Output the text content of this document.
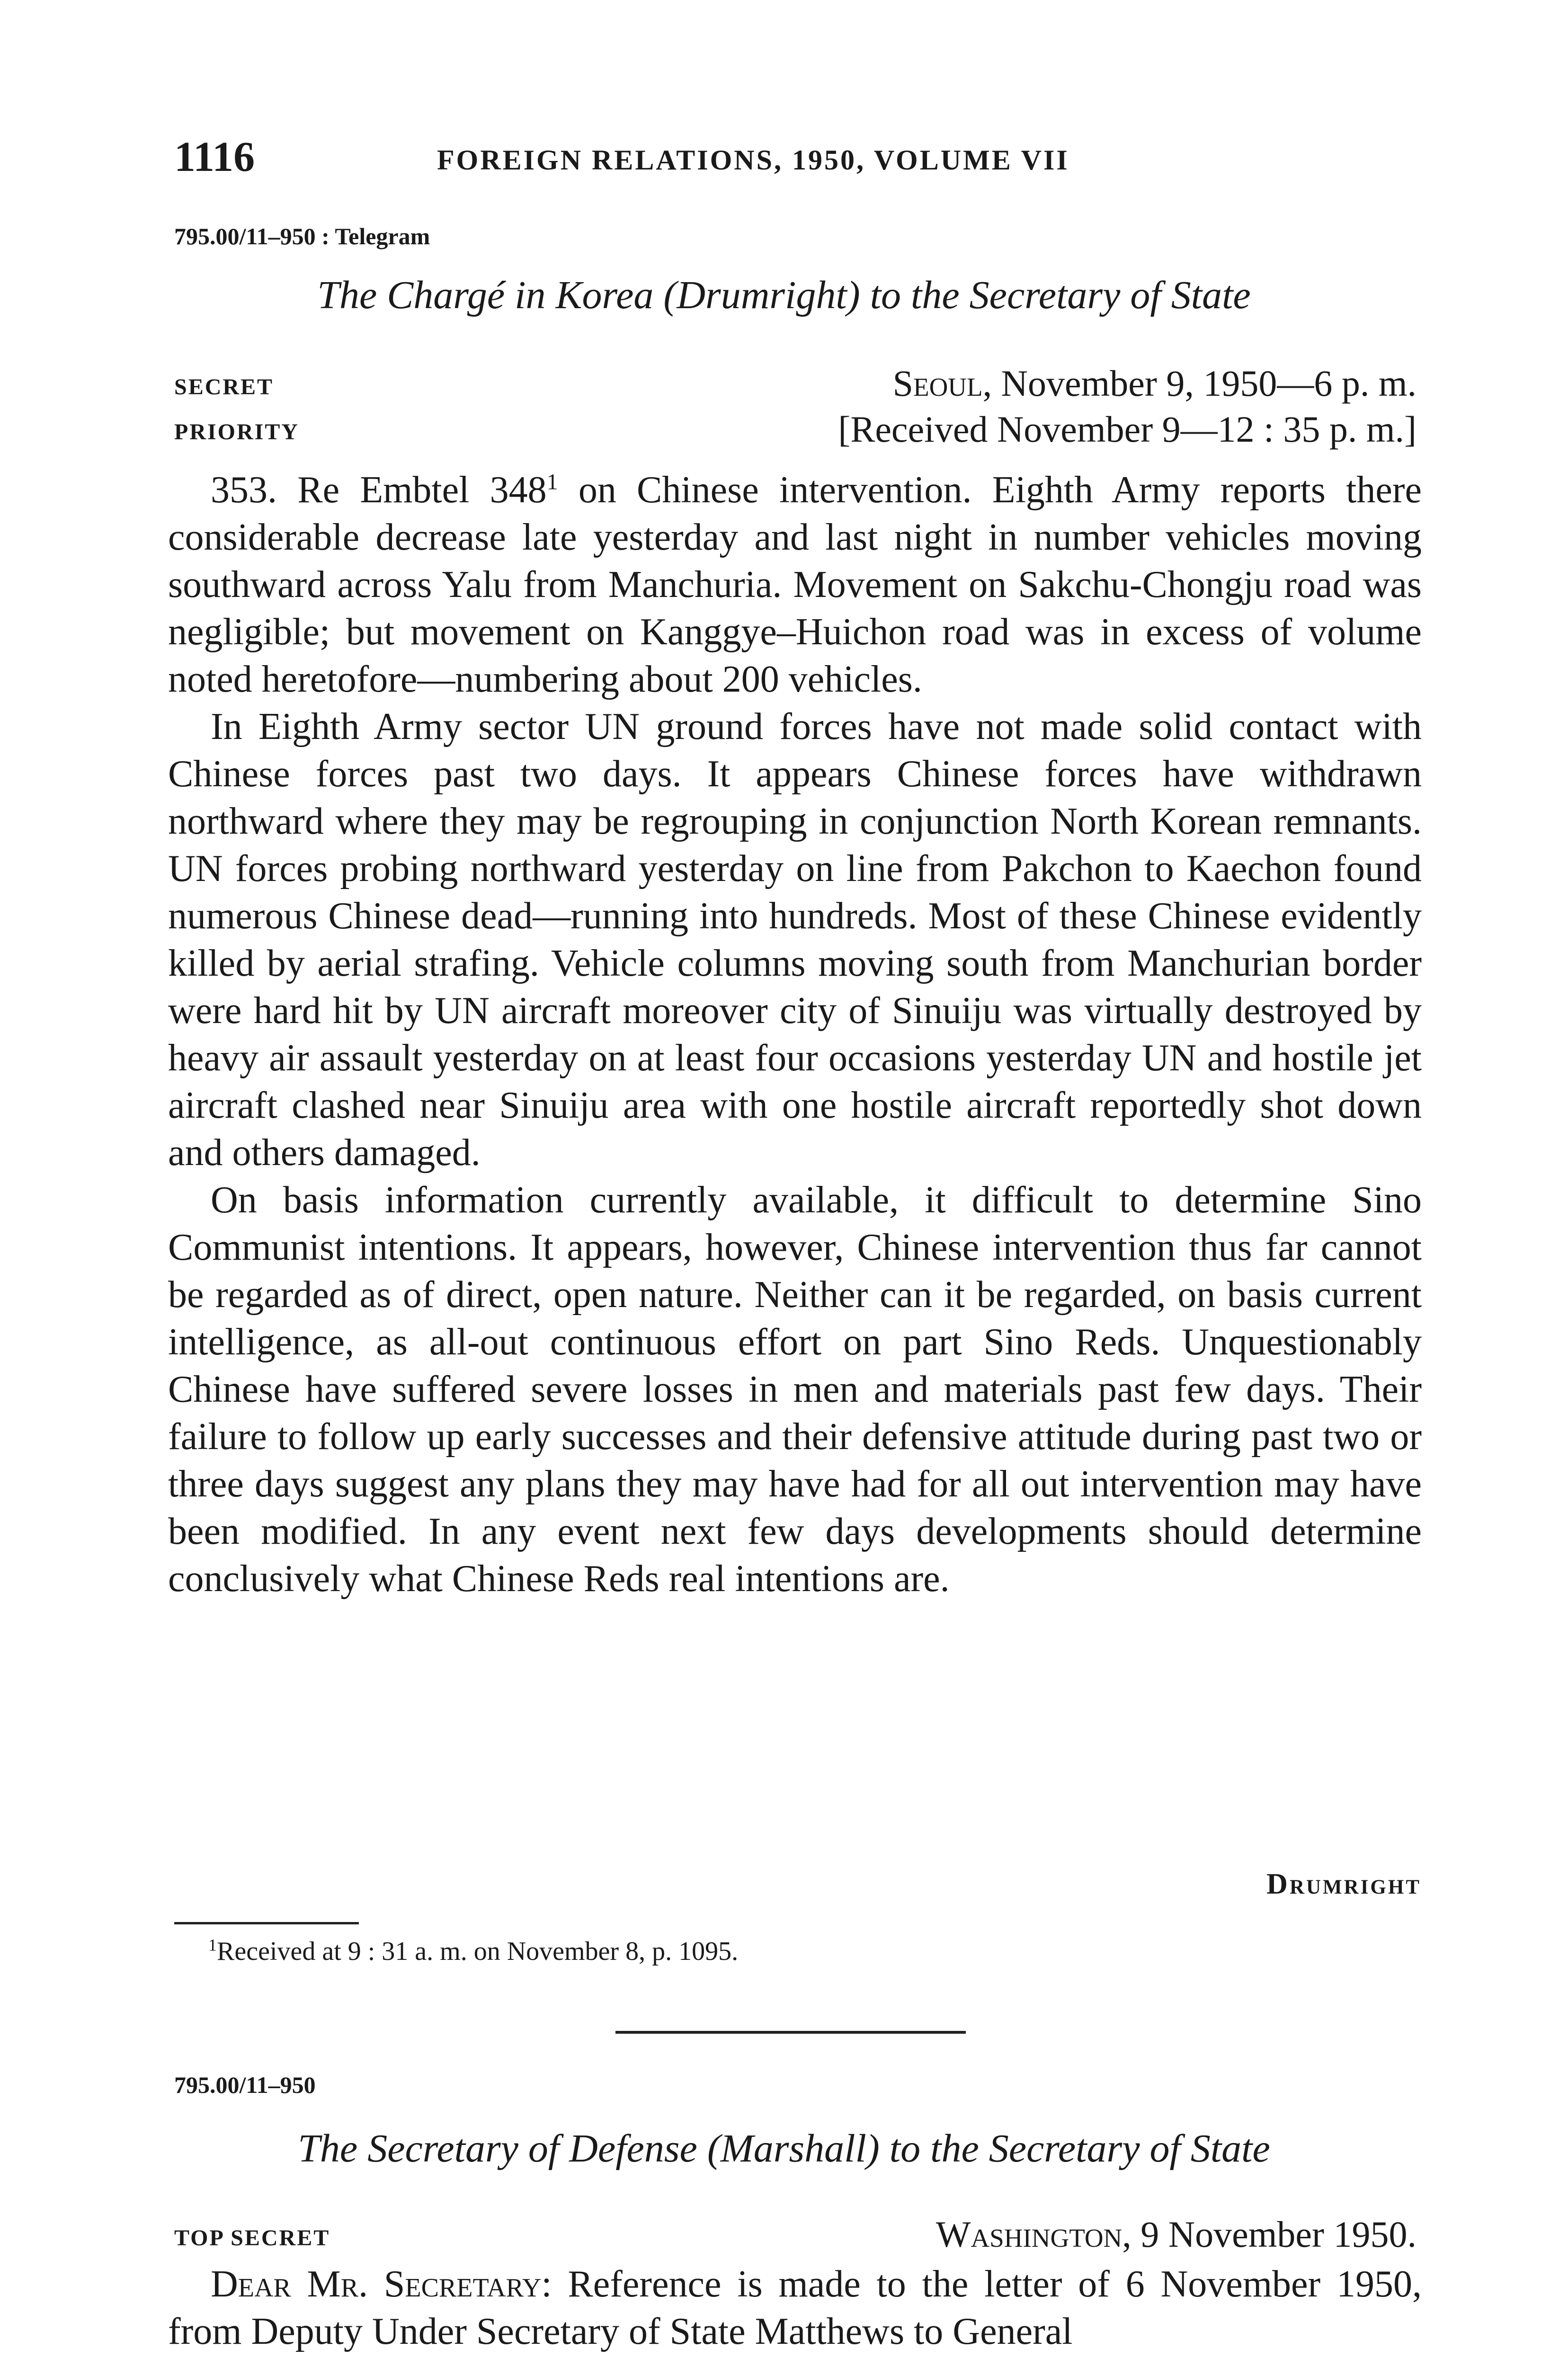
1116	FOREIGN RELATIONS, 1950, VOLUME VII
795.00/11–950 : Telegram
The Chargé in Korea (Drumright) to the Secretary of State
SECRET	Seoul, November 9, 1950—6 p. m.
PRIORITY	[Received November 9—12 : 35 p. m.]

353. Re Embtel $348^1$ on Chinese intervention. Eighth Army reports there considerable decrease late yesterday and last night in number vehicles moving southward across Yalu from Manchuria. Movement on Sakchu-Chongju road was negligible; but movement on Kanggye–Huichon road was in excess of volume noted heretofore—numbering about 200 vehicles.

In Eighth Army sector UN ground forces have not made solid contact with Chinese forces past two days. It appears Chinese forces have withdrawn northward where they may be regrouping in conjunction North Korean remnants. UN forces probing northward yesterday on line from Pakchon to Kaechon found numerous Chinese dead—running into hundreds. Most of these Chinese evidently killed by aerial strafing. Vehicle columns moving south from Manchurian border were hard hit by UN aircraft moreover city of Sinuiju was virtually destroyed by heavy air assault yesterday on at least four occasions yesterday UN and hostile jet aircraft clashed near Sinuiju area with one hostile aircraft reportedly shot down and others damaged.

On basis information currently available, it difficult to determine Sino Communist intentions. It appears, however, Chinese intervention thus far cannot be regarded as of direct, open nature. Neither can it be regarded, on basis current intelligence, as all-out continuous effort on part Sino Reds. Unquestionably Chinese have suffered severe losses in men and materials past few days. Their failure to follow up early successes and their defensive attitude during past two or three days suggest any plans they may have had for all out intervention may have been modified. In any event next few days developments should determine conclusively what Chinese Reds real intentions are.

Drumright
$^1$Received at 9 : 31 a. m. on November 8, p. 1095.
795.00/11–950
The Secretary of Defense (Marshall) to the Secretary of State
TOP SECRET	Washington, 9 November 1950.

Dear Mr. Secretary: Reference is made to the letter of 6 November 1950, from Deputy Under Secretary of State Matthews to General
